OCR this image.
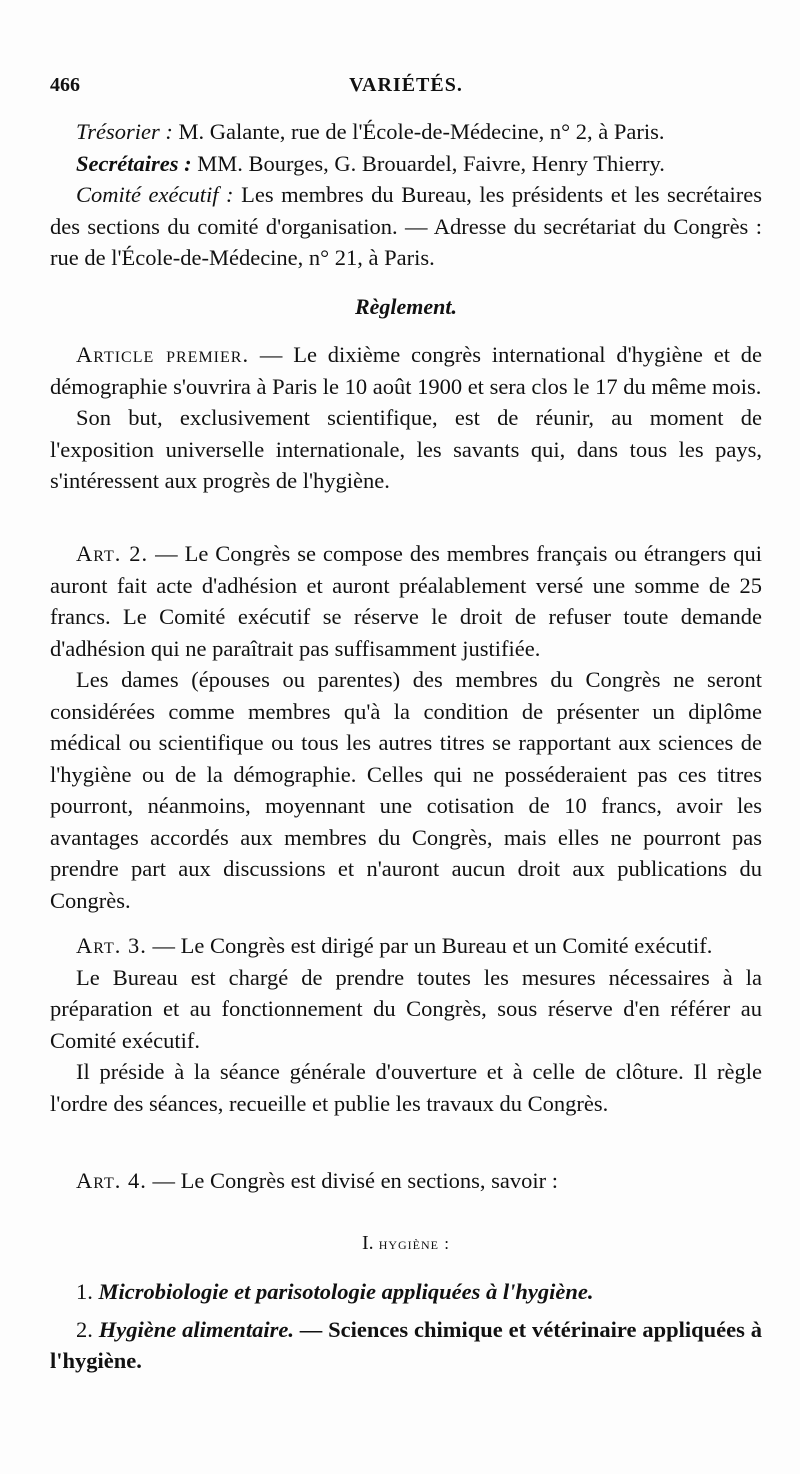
466	VARIÉTÉS.

Trésorier : M. Galante, rue de l'École-de-Médecine, n° 2, à Paris.

Secrétaires : MM. Bourges, G. Brouardel, Faivre, Henry Thierry.

Comité exécutif : Les membres du Bureau, les présidents et les secrétaires des sections du comité d'organisation. — Adresse du secrétariat du Congrès : rue de l'École-de-Médecine, n° 21, à Paris.

Règlement.

Article premier. — Le dixième congrès international d'hygiène et de démographie s'ouvrira à Paris le 10 août 1900 et sera clos le 17 du même mois.

Son but, exclusivement scientifique, est de réunir, au moment de l'exposition universelle internationale, les savants qui, dans tous les pays, s'intéressent aux progrès de l'hygiène.

Art. 2. — Le Congrès se compose des membres français ou étrangers qui auront fait acte d'adhésion et auront préalablement versé une somme de 25 francs. Le Comité exécutif se réserve le droit de refuser toute demande d'adhésion qui ne paraîtrait pas suffisamment justifiée.

Les dames (épouses ou parentes) des membres du Congrès ne seront considérées comme membres qu'à la condition de présenter un diplôme médical ou scientifique ou tous les autres titres se rapportant aux sciences de l'hygiène ou de la démographie. Celles qui ne posséderaient pas ces titres pourront, néanmoins, moyennant une cotisation de 10 francs, avoir les avantages accordés aux membres du Congrès, mais elles ne pourront pas prendre part aux discussions et n'auront aucun droit aux publications du Congrès.

Art. 3. — Le Congrès est dirigé par un Bureau et un Comité exécutif.

Le Bureau est chargé de prendre toutes les mesures nécessaires à la préparation et au fonctionnement du Congrès, sous réserve d'en référer au Comité exécutif.

Il préside à la séance générale d'ouverture et à celle de clôture. Il règle l'ordre des séances, recueille et publie les travaux du Congrès.

Art. 4. — Le Congrès est divisé en sections, savoir :

I. hygiène :

1. Microbiologie et parisotologie appliquées à l'hygiène.

2. Hygiène alimentaire. — Sciences chimique et vétérinaire appliquées à l'hygiène.
